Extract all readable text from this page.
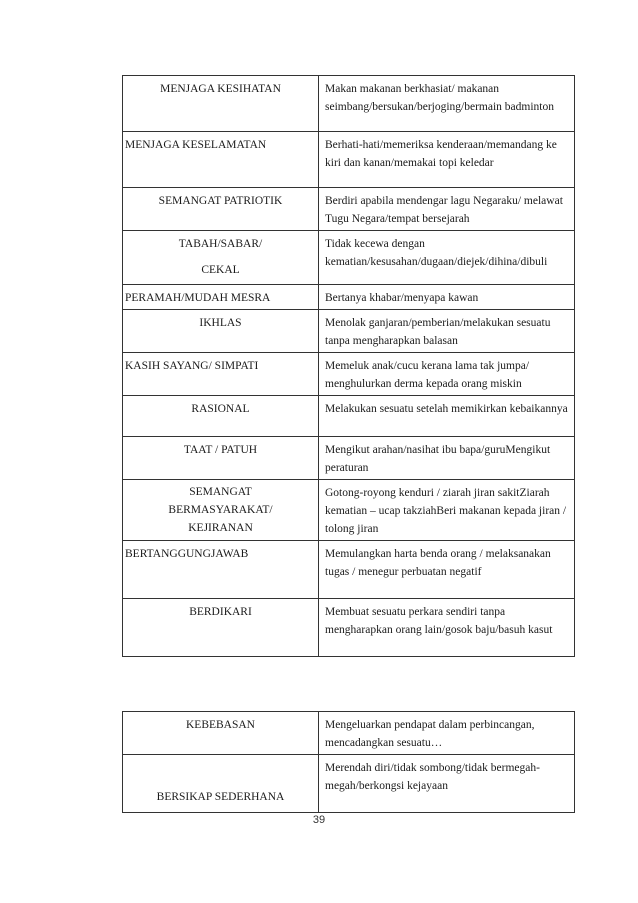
MENJAGA KESIHATAN	Makan makanan berkhasiat/ makanan seimbang/bersukan/berjoging/bermain badminton

MENJAGA KESELAMATAN	Berhati-hati/memeriksa kenderaan/memandang ke kiri dan kanan/memakai topi keledar

SEMANGAT PATRIOTIK	Berdiri apabila mendengar lagu Negaraku/ melawat Tugu Negara/tempat bersejarah

TABAH/SABAR/ CEKAL	Tidak kecewa dengan kematian/kesusahan/dugaan/diejek/dihina/dibuli

PERAMAH/MUDAH MESRA	Bertanya khabar/menyapa kawan

IKHLAS	Menolak ganjaran/pemberian/melakukan sesuatu tanpa mengharapkan balasan

KASIH SAYANG/ SIMPATI	Memeluk anak/cucu kerana lama tak jumpa/ menghulurkan derma kepada orang miskin

RASIONAL	Melakukan sesuatu setelah memikirkan kebaikannya

TAAT / PATUH	Mengikut arahan/nasihat ibu bapa/guruMengikut peraturan

SEMANGAT BERMASYARAKAT/ KEJIRANAN	Gotong-royong kenduri / ziarah jiran sakitZiarah kematian – ucap takziahBeri makanan kepada jiran / tolong jiran

BERTANGGUNGJAWAB	Memulangkan harta benda orang / melaksanakan tugas / menegur perbuatan negatif

BERDIKARI	Membuat sesuatu perkara sendiri tanpa mengharapkan orang lain/gosok baju/basuh kasut
KEBEBASAN	Mengeluarkan pendapat dalam perbincangan, mencadangkan sesuatu…

BERSIKAP SEDERHANA	Merendah diri/tidak sombong/tidak bermegah-megah/berkongsi kejayaan
39
